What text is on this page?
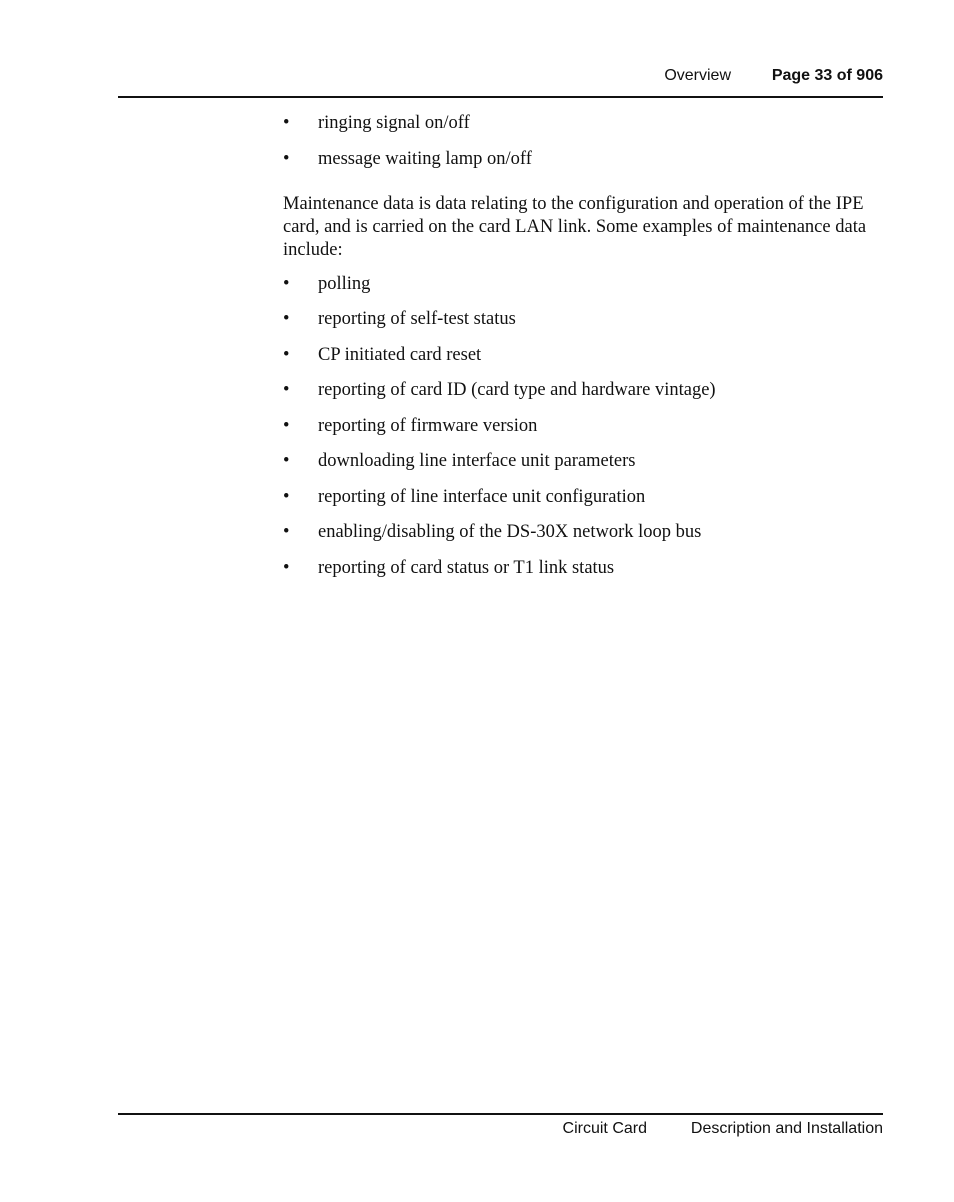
Overview	Page 33 of 906
• ringing signal on/off
• message waiting lamp on/off

Maintenance data is data relating to the configuration and operation of the IPE card, and is carried on the card LAN link. Some examples of maintenance data include:

• polling
• reporting of self-test status
• CP initiated card reset
• reporting of card ID (card type and hardware vintage)
• reporting of firmware version
• downloading line interface unit parameters
• reporting of line interface unit configuration
• enabling/disabling of the DS-30X network loop bus
• reporting of card status or T1 link status
Circuit Card	Description and Installation
